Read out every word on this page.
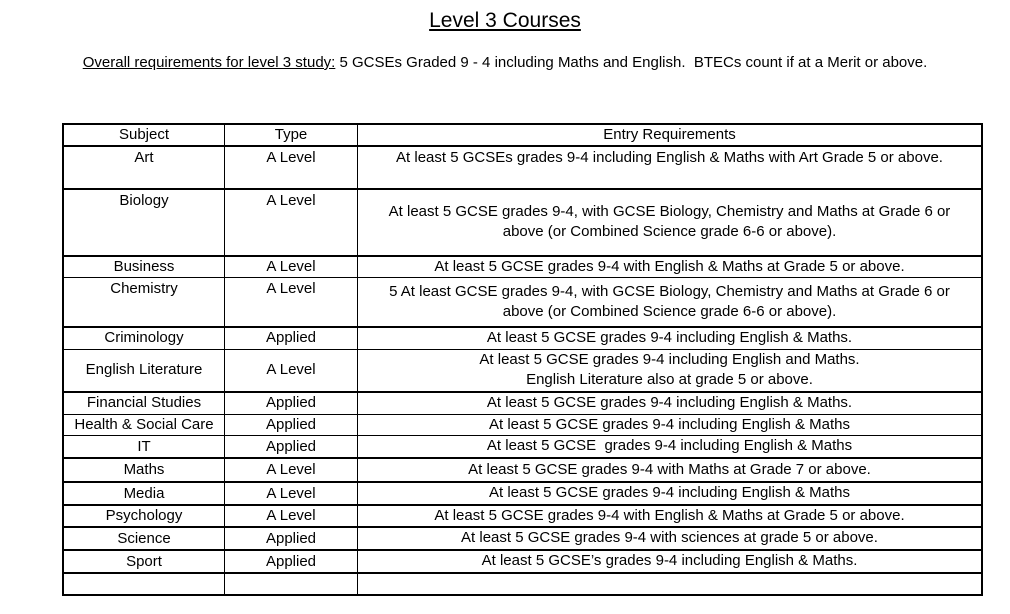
Level 3 Courses
Overall requirements for level 3 study: 5 GCSEs Graded 9 - 4 including Maths and English.  BTECs count if at a Merit or above.
Subject	Type	Entry Requirements
Art	A Level	At least 5 GCSEs grades 9-4 including English & Maths with Art Grade 5 or above.

Biology	A Level	At least 5 GCSE grades 9-4, with GCSE Biology, Chemistry and Maths at Grade 6 or
above (or Combined Science grade 6-6 or above).

Business	A Level	At least 5 GCSE grades 9-4 with English & Maths at Grade 5 or above.

Chemistry	A Level	5 At least GCSE grades 9-4, with GCSE Biology, Chemistry and Maths at Grade 6 or
above (or Combined Science grade 6-6 or above).

Criminology	Applied	At least 5 GCSE grades 9-4 including English & Maths.

English Literature	A Level	At least 5 GCSE grades 9-4 including English and Maths.
English Literature also at grade 5 or above.

Financial Studies	Applied	At least 5 GCSE grades 9-4 including English & Maths.

Health & Social Care	Applied	At least 5 GCSE grades 9-4 including English & Maths

IT	Applied	At least 5 GCSE  grades 9-4 including English & Maths

Maths	A Level	At least 5 GCSE grades 9-4 with Maths at Grade 7 or above.

Media	A Level	At least 5 GCSE grades 9-4 including English & Maths

Psychology	A Level	At least 5 GCSE grades 9-4 with English & Maths at Grade 5 or above.

Science	Applied	At least 5 GCSE grades 9-4 with sciences at grade 5 or above.

Sport	Applied	At least 5 GCSE’s grades 9-4 including English & Maths.
